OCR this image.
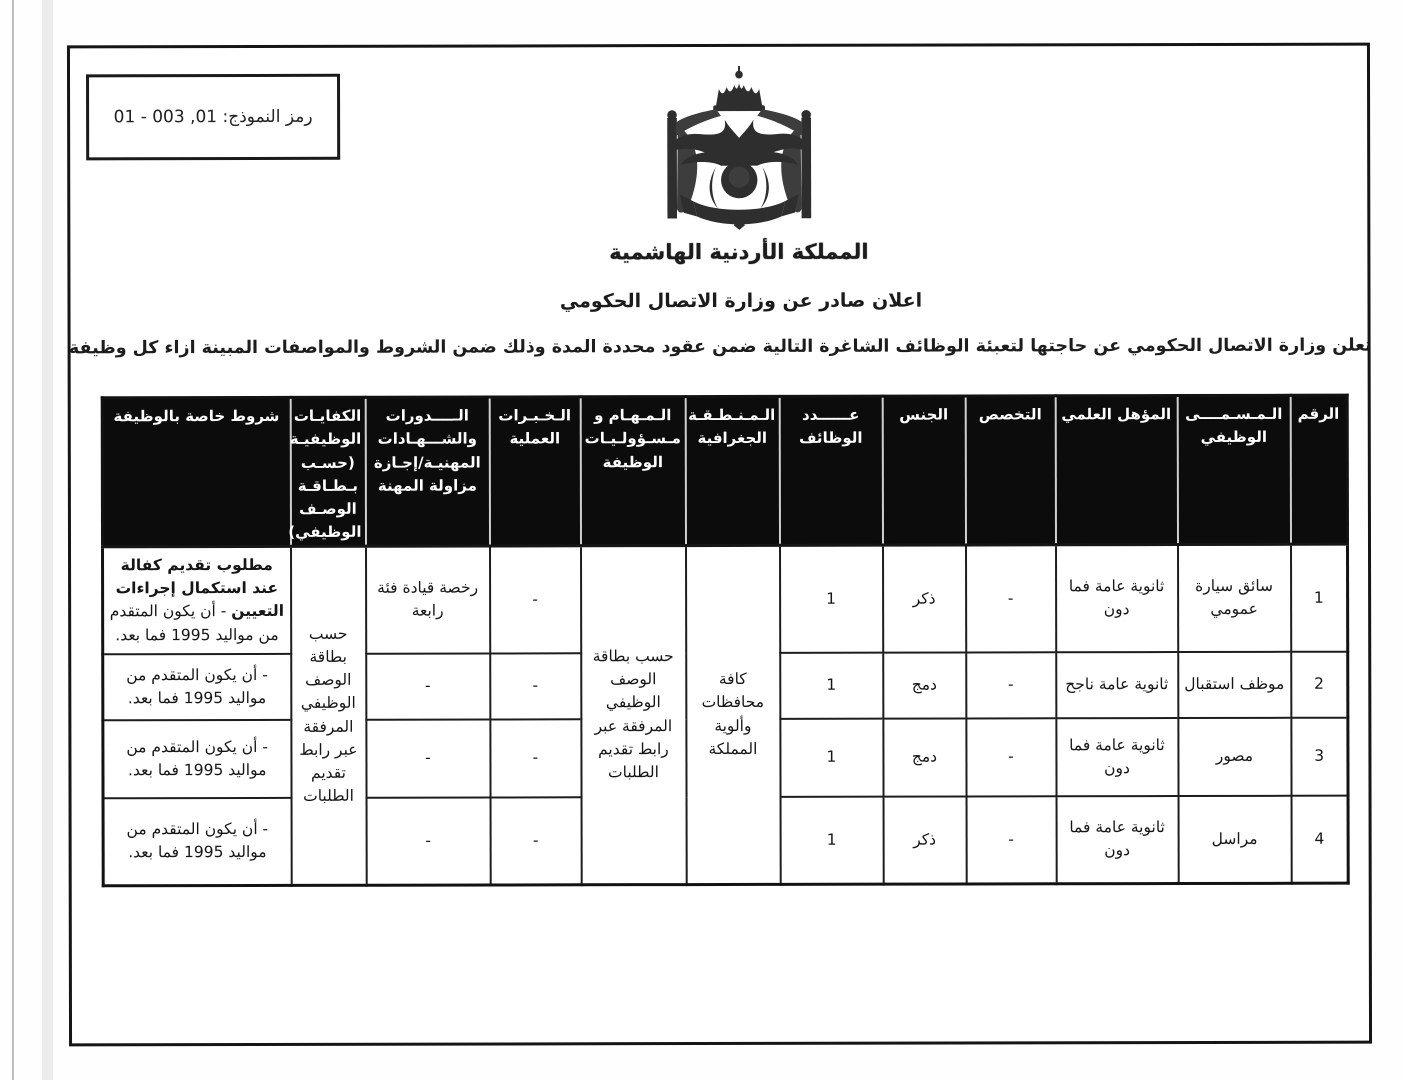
رمز النموذج: 01 - 003 ,01
المملكة الأردنية الهاشمية
اعلان صادر عن وزارة الاتصال الحكومي
تعلن وزارة الاتصال الحكومي عن حاجتها لتعبئة الوظائف الشاغرة التالية ضمن عقود محددة المدة وذلك ضمن الشروط والمواصفات المبينة ازاء كل وظيفة
الرقم	الـمـسـمــــى الوظيفي	المؤهل العلمي	التخصص	الجنس	عــــــدد الوظائف	الـمـنـطـقـة الجغرافية	الـمـهـام و مـسـؤولـيـات الوظيفة	الـخـبـرات العملية	الـــــدورات والشـــهـادات المهنيـة/إجـازة مزاولة المهنة	الكفايـات الوظيفيـة (حسـب بـطـاقـة الوصـف الوظيفي)	شروط خاصة بالوظيفة
1	سائق سيارة عمومي	ثانوية عامة فما دون	-	ذكر	1	كافة محافظات وألوية المملكة	حسب بطاقة الوصف الوظيفي المرفقة عبر رابط تقديم الطلبات	-	رخصة قيادة فئة رابعة	حسب بطاقة الوصف الوظيفي المرفقة عبر رابط تقديم الطلبات	مطلوب تقديم كفالة عند استكمال إجراءات التعيين - أن يكون المتقدم من مواليد 1995 فما بعد.
2	موظف استقبال	ثانوية عامة ناجح	-	دمج	1			-	-		- أن يكون المتقدم من مواليد 1995 فما بعد.
3	مصور	ثانوية عامة فما دون	-	دمج	1			-	-		- أن يكون المتقدم من مواليد 1995 فما بعد.
4	مراسل	ثانوية عامة فما دون	-	ذكر	1			-	-		- أن يكون المتقدم من مواليد 1995 فما بعد.
